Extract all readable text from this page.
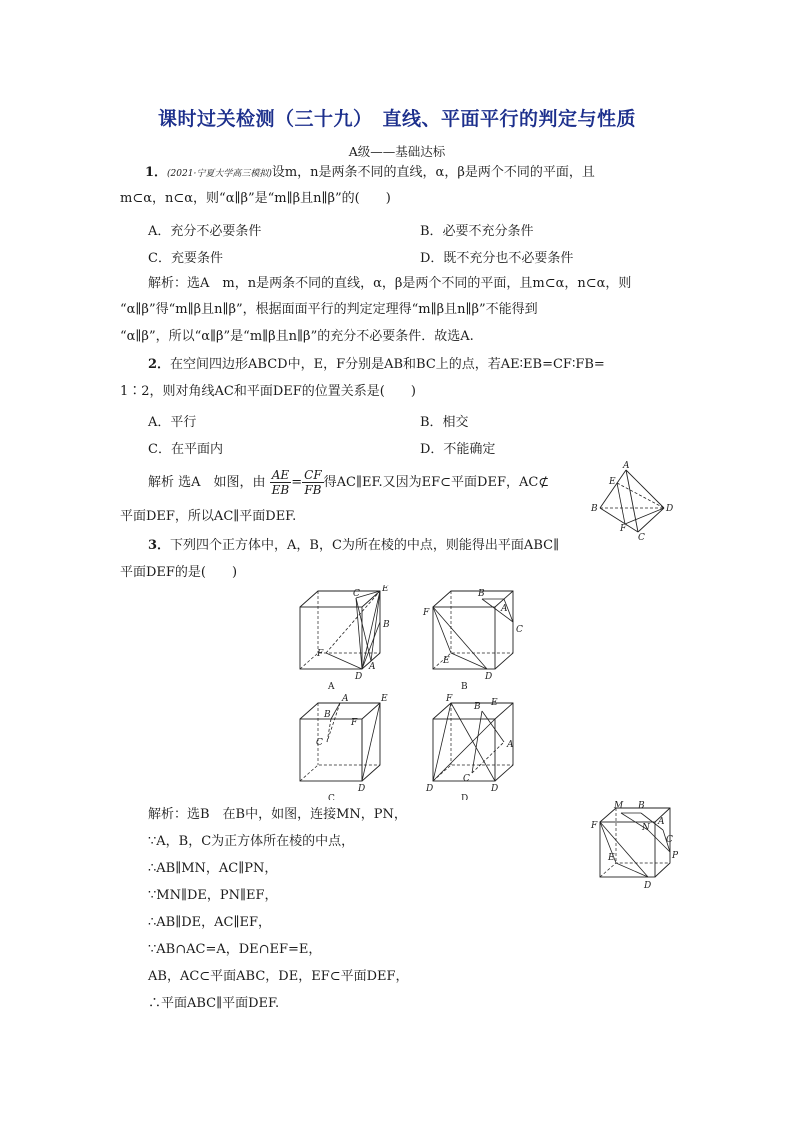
课时过关检测（三十九）　直线、平面平行的判定与性质
A级——基础达标
1．(2021·宁夏大学高三模拟)设m，n是两条不同的直线，α，β是两个不同的平面，且
m⊂α，n⊂α，则“α∥β”是“m∥β且n∥β”的(　　)
A．充分不必要条件	B．必要不充分条件
C．充要条件	D．既不充分也不必要条件
解析：选A　m，n是两条不同的直线，α，β是两个不同的平面，且m⊂α，n⊂α，则
“α∥β”得“m∥β且n∥β”，根据面面平行的判定定理得“m∥β且n∥β”不能得到
“α∥β”，所以“α∥β”是“m∥β且n∥β”的充分不必要条件．故选A.
2．在空间四边形ABCD中，E，F分别是AB和BC上的点，若AE∶EB=CF∶FB=
1∶2，则对角线AC和平面DEF的位置关系是(　　)
A．平行	B．相交
C．在平面内	D．不能确定
解析 选A　如图，由 $\frac{AE}{EB} = \frac{CF}{FB}$ 得AC∥EF.又因为EF⊂平面DEF，AC⊄
平面DEF，所以AC∥平面DEF.
A
E
B
F
C
D
3．下列四个正方体中，A，B，C为所在棱的中点，则能得出平面ABC∥
平面DEF的是(　　)
C E
B
F
A
D
A
B
A
C
F
E
D
B
B
A	E
F
C
D
C
F	E
B
A
C
D	D
D
解析：选B　在B中，如图，连接MN，PN，
∵A，B，C为正方体所在棱的中点，
∴AB∥MN，AC∥PN，
∵MN∥DE，PN∥EF，
∴AB∥DE，AC∥EF，
∵AB∩AC=A，DE∩EF=E，
AB，AC⊂平面ABC，DE，EF⊂平面DEF，
∴平面ABC∥平面DEF.
M B
N
A
C
P
F
E
D
